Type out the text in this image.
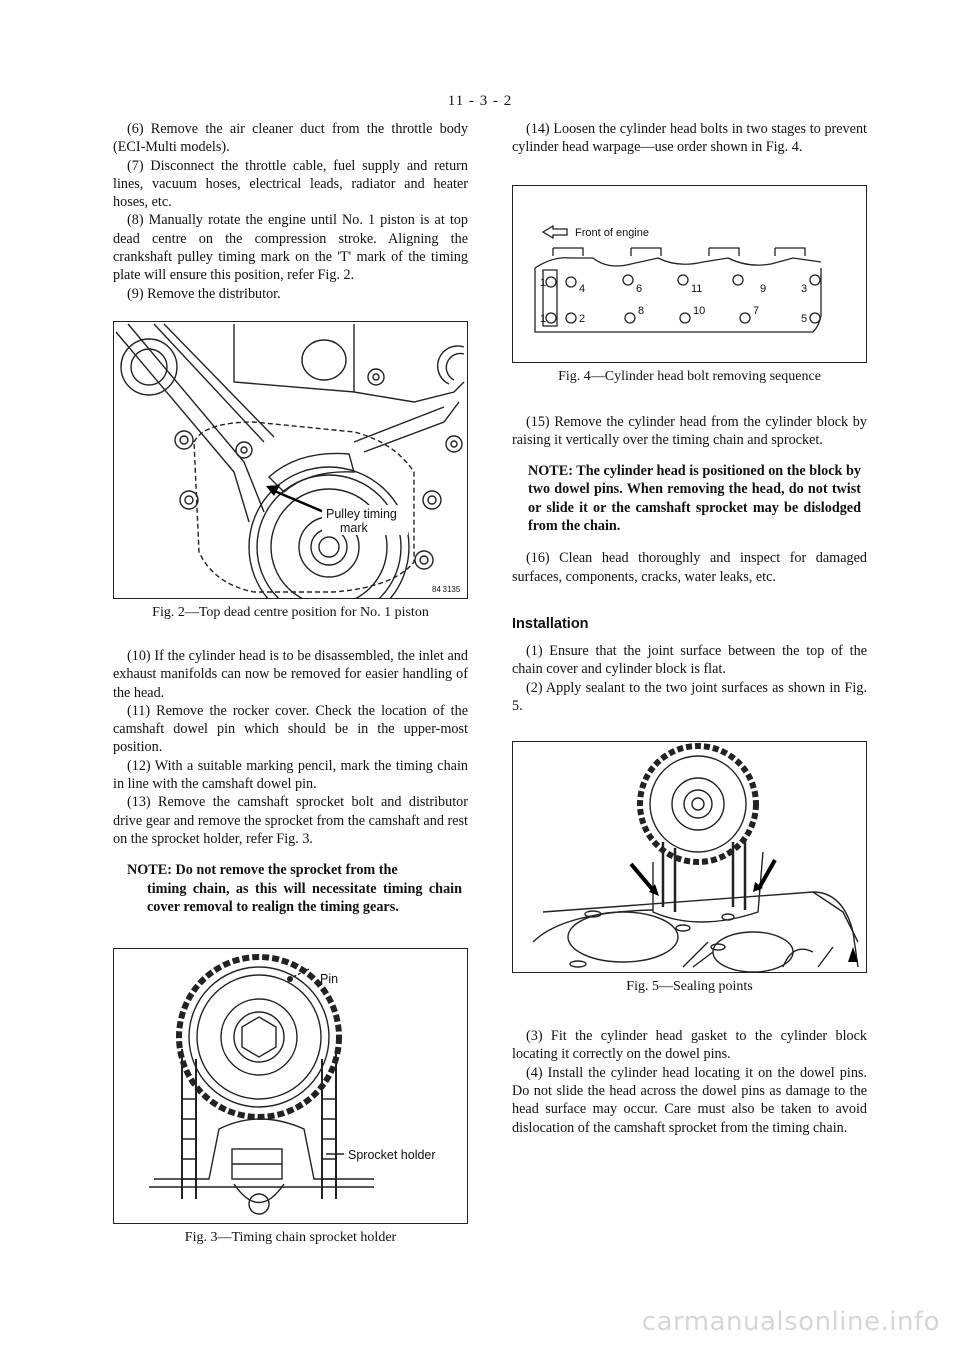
11 - 3 - 2

(6) Remove the air cleaner duct from the throttle body (ECI-Multi models).

(7) Disconnect the throttle cable, fuel supply and return lines, vacuum hoses, electrical leads, radiator and heater hoses, etc.

(8) Manually rotate the engine until No. 1 piston is at top dead centre on the compression stroke. Aligning the crankshaft pulley timing mark on the 'T' mark of the timing plate will ensure this position, refer Fig. 2.

(9) Remove the distributor.

Pulley timing
mark
84 3135
Fig. 2—Top dead centre position for No. 1 piston

(10) If the cylinder head is to be disassembled, the inlet and exhaust manifolds can now be removed for easier handling of the head.

(11) Remove the rocker cover. Check the location of the camshaft dowel pin which should be in the upper-most position.

(12) With a suitable marking pencil, mark the timing chain in line with the camshaft dowel pin.

(13) Remove the camshaft sprocket bolt and distributor drive gear and remove the sprocket from the camshaft and rest on the sprocket holder, refer Fig. 3.

NOTE: Do not remove the sprocket from the
timing chain, as this will necessitate timing chain cover removal to realign the timing gears.

Pin
Sprocket holder
Fig. 3—Timing chain sprocket holder

(14) Loosen the cylinder head bolts in two stages to prevent cylinder head warpage—use order shown in Fig. 4.

Front of engine
1	4	6	11	9	3
1	2
8	10	7
5
Fig. 4—Cylinder head bolt removing sequence

(15) Remove the cylinder head from the cylinder block by raising it vertically over the timing chain and sprocket.

NOTE: The cylinder head is positioned on the block by two dowel pins. When removing the head, do not twist or slide it or the camshaft sprocket may be dislodged from the chain.

(16) Clean head thoroughly and inspect for damaged surfaces, components, cracks, water leaks, etc.

Installation

(1) Ensure that the joint surface between the top of the chain cover and cylinder block is flat.

(2) Apply sealant to the two joint surfaces as shown in Fig. 5.

Fig. 5—Sealing points

(3) Fit the cylinder head gasket to the cylinder block locating it correctly on the dowel pins.

(4) Install the cylinder head locating it on the dowel pins. Do not slide the head across the dowel pins as damage to the head surface may occur. Care must also be taken to avoid dislocation of the camshaft sprocket from the timing chain.

carmanualsonline.info
